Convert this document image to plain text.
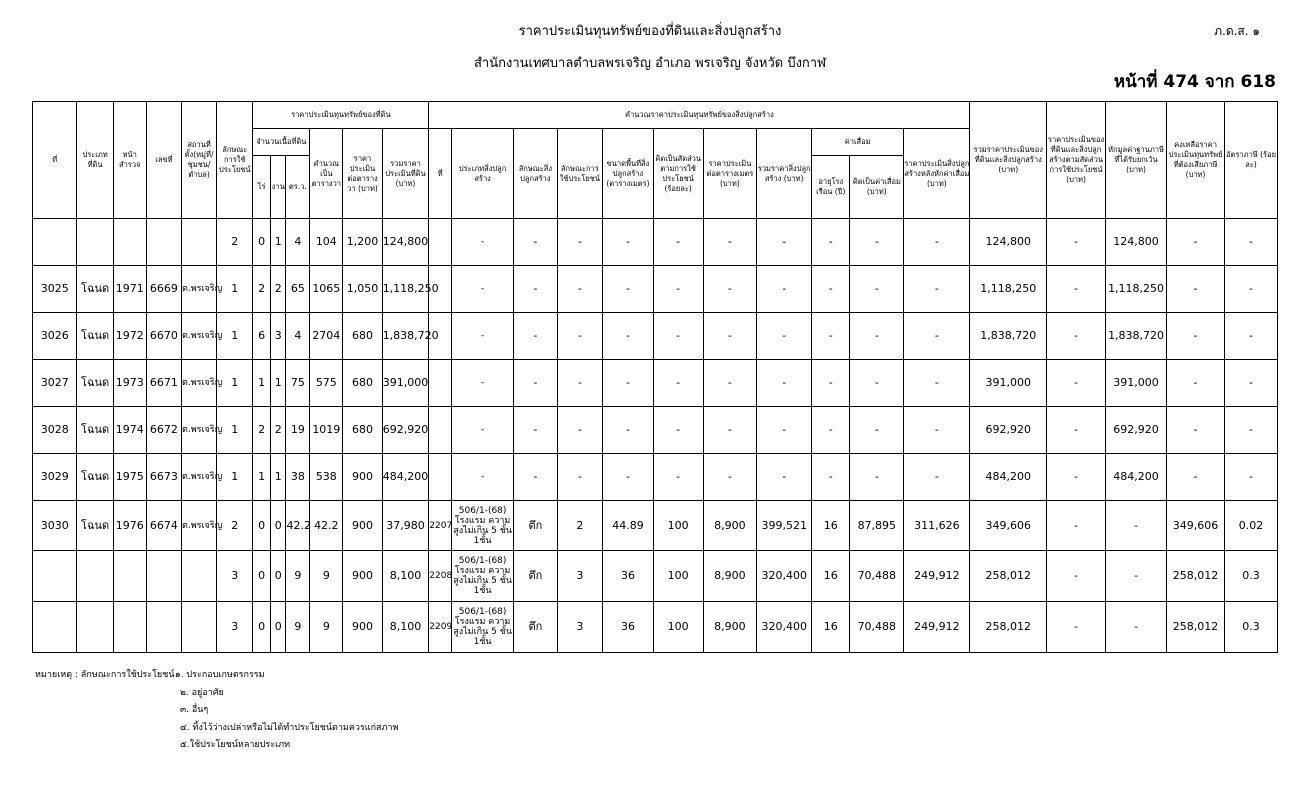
ราคาประเมินทุนทรัพย์ของที่ดินและสิ่งปลูกสร้าง
สำนักงานเทศบาลตำบลพรเจริญ อำเภอ พรเจริญ จังหวัด บึงกาฬ
ภ.ด.ส. ๑
หน้าที่ 474 จาก 618
ที่	ประเภทที่ดิน	หน้าสำรวจ	เลขที่	สถานที่ตั้ง(หมู่ที่/ชุมชน/ตำบล)	ลักษณะการใช้ประโยชน์	ราคาประเมินทุนทรัพย์ของที่ดิน						คำนวณราคาประเมินทุนทรัพย์ของสิ่งปลูกสร้าง											รวมราคาประเมินของที่ดินและสิ่งปลูกสร้าง (บาท)	ราคาประเมินของที่ดินและสิ่งปลูกสร้างตามสัดส่วนการใช้ประโยชน์ (บาท)	หักมูลค่าฐานภาษีที่ได้รับยกเว้น (บาท)	คงเหลือราคาประเมินทุนทรัพย์ที่ต้องเสียภาษี (บาท)	อัตราภาษี (ร้อยละ)
						จำนวนเนื้อที่ดิน			คำนวณเป็นตารางวา	ราคาประเมินต่อตารางวา (บาท)	รวมราคาประเมินที่ดิน (บาท)	ที่	ประเภทสิ่งปลูกสร้าง	ลักษณะสิ่งปลูกสร้าง	ลักษณะการใช้ประโยชน์	ขนาดพื้นที่สิ่งปลูกสร้าง (ตารางเมตร)	คิดเป็นสัดส่วนตามการใช้ประโยชน์ (ร้อยละ)	ราคาประเมินต่อตารางเมตร (บาท)	รวมราคาสิ่งปลูกสร้าง (บาท)	ค่าเสื่อม		ราคาประเมินสิ่งปลูกสร้างหลังหักค่าเสื่อม (บาท)					
						ไร่	งาน	ตร.ว.												อายุโรงเรือน (ปี)	คิดเป็นค่าเสื่อม (บาท)						
					2	0	1	4	104	1,200	124,800		-	-	-	-	-	-	-	-	-	-	124,800	-	124,800	-	-
3025	โฉนด	1971	6669	ต.พรเจริญ	1	2	2	65	1065	1,050	1,118,250		-	-	-	-	-	-	-	-	-	-	1,118,250	-	1,118,250	-	-
3026	โฉนด	1972	6670	ต.พรเจริญ	1	6	3	4	2704	680	1,838,720		-	-	-	-	-	-	-	-	-	-	1,838,720	-	1,838,720	-	-
3027	โฉนด	1973	6671	ต.พรเจริญ	1	1	1	75	575	680	391,000		-	-	-	-	-	-	-	-	-	-	391,000	-	391,000	-	-
3028	โฉนด	1974	6672	ต.พรเจริญ	1	2	2	19	1019	680	692,920		-	-	-	-	-	-	-	-	-	-	692,920	-	692,920	-	-
3029	โฉนด	1975	6673	ต.พรเจริญ	1	1	1	38	538	900	484,200		-	-	-	-	-	-	-	-	-	-	484,200	-	484,200	-	-
3030	โฉนด	1976	6674	ต.พรเจริญ	2	0	0	42.2	42.2	900	37,980	2207	506/1-(68) โรงแรม ความสูงไม่เกิน 5 ชั้น 1ชั้น	ตึก	2	44.89	100	8,900	399,521	16	87,895	311,626	349,606	-	-	349,606	0.02
					3	0	0	9	9	900	8,100	2208	506/1-(68) โรงแรม ความสูงไม่เกิน 5 ชั้น 1ชั้น	ตึก	3	36	100	8,900	320,400	16	70,488	249,912	258,012	-	-	258,012	0.3
					3	0	0	9	9	900	8,100	2209	506/1-(68) โรงแรม ความสูงไม่เกิน 5 ชั้น 1ชั้น	ตึก	3	36	100	8,900	320,400	16	70,488	249,912	258,012	-	-	258,012	0.3
หมายเหตุ : ลักษณะการใช้ประโยชน์๑. ประกอบเกษตรกรรม
๒. อยู่อาศัย
๓. อื่นๆ
๔. ทิ้งไว้ว่างเปล่าหรือไม่ได้ทำประโยชน์ตามควรแก่สภาพ
๕.ใช้ประโยชน์หลายประเภท
